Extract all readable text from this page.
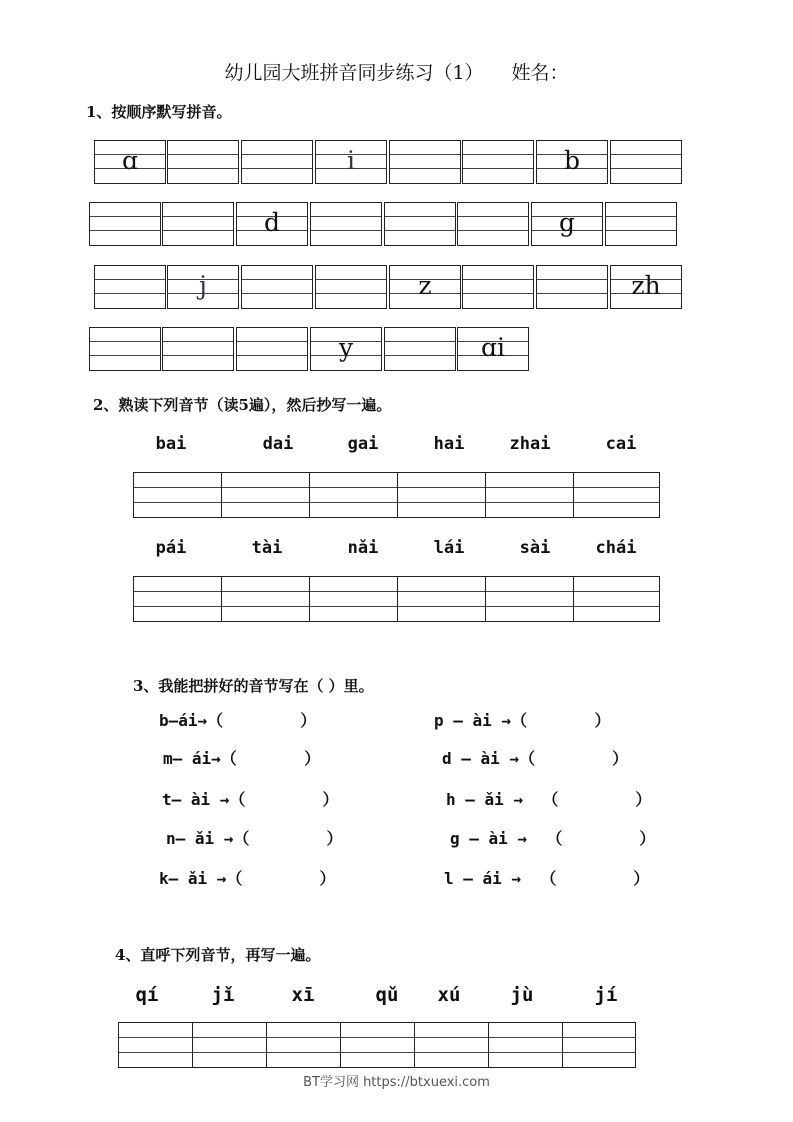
幼儿园大班拼音同步练习（1） 姓名：
1、按顺序默写拼音。
ɑ	i	b
d	g
j	z	zh
y	ɑi
2、熟读下列音节（读5遍），然后抄写一遍。
bai	dai	gai	hai	zhai	cai
pái	tài	nǎi	lái	sài	chái
3、我能把拼好的音节写在（ ）里。
b—ái→（        ）
m— ái→（       ）
t— ài →（        ）
n— ǎi →（        ）
k— ǎi →（        ）
p — ài →（       ）
d — ài →（        ）
h — ǎi →  （        ）
g — ài →  （        ）
l — ái →  （        ）
4、直呼下列音节，再写一遍。
qí	jǐ	xī	qǔ	xú	jù	jí
BT学习网 https://btxuexi.com
